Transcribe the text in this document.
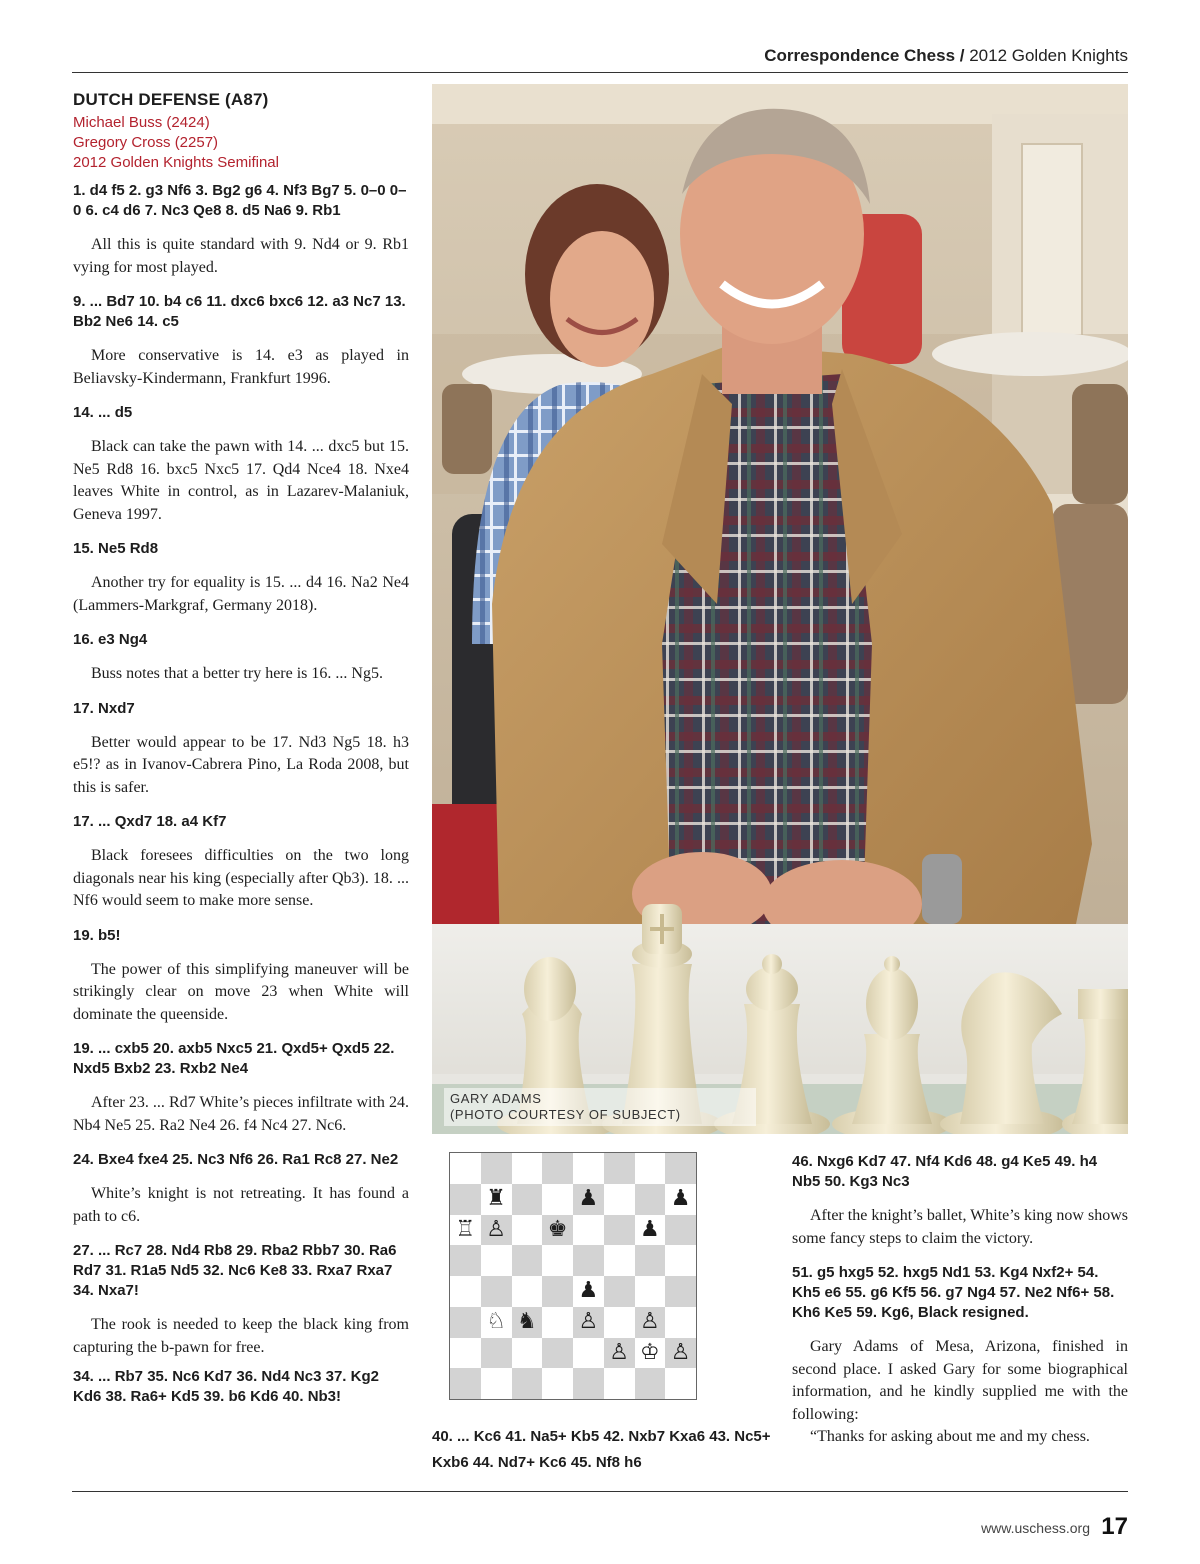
Correspondence Chess / 2012 Golden Knights
DUTCH DEFENSE (A87)
Michael Buss (2424)
Gregory Cross (2257)
2012 Golden Knights Semifinal

1. d4 f5 2. g3 Nf6 3. Bg2 g6 4. Nf3 Bg7 5. 0–0 0–0 6. c4 d6 7. Nc3 Qe8 8. d5 Na6 9. Rb1

All this is quite standard with 9. Nd4 or 9. Rb1 vying for most played.

9. ... Bd7 10. b4 c6 11. dxc6 bxc6 12. a3 Nc7 13. Bb2 Ne6 14. c5

More conservative is 14. e3 as played in Beliavsky-Kindermann, Frankfurt 1996.

14. ... d5

Black can take the pawn with 14. ... dxc5 but 15. Ne5 Rd8 16. bxc5 Nxc5 17. Qd4 Nce4 18. Nxe4 leaves White in control, as in Lazarev-Malaniuk, Geneva 1997.

15. Ne5 Rd8

Another try for equality is 15. ... d4 16. Na2 Ne4 (Lammers-Markgraf, Germany 2018).

16. e3 Ng4

Buss notes that a better try here is 16. ... Ng5.

17. Nxd7

Better would appear to be 17. Nd3 Ng5 18. h3 e5!? as in Ivanov-Cabrera Pino, La Roda 2008, but this is safer.

17. ... Qxd7 18. a4 Kf7

Black foresees difficulties on the two long diagonals near his king (especially after Qb3). 18. ... Nf6 would seem to make more sense.

19. b5!

The power of this simplifying maneuver will be strikingly clear on move 23 when White will dominate the queenside.

19. ... cxb5 20. axb5 Nxc5 21. Qxd5+ Qxd5 22. Nxd5 Bxb2 23. Rxb2 Ne4

After 23. ... Rd7 White’s pieces infiltrate with 24. Nb4 Ne5 25. Ra2 Ne4 26. f4 Nc4 27. Nc6.

24. Bxe4 fxe4 25. Nc3 Nf6 26. Ra1 Rc8 27. Ne2

White’s knight is not retreating. It has found a path to c6.

27. ... Rc7 28. Nd4 Rb8 29. Rba2 Rbb7 30. Ra6 Rd7 31. R1a5 Nd5 32. Nc6 Ke8 33. Rxa7 Rxa7 34. Nxa7!

The rook is needed to keep the black king from capturing the b-pawn for free.

34. ... Rb7 35. Nc6 Kd7 36. Nd4 Nc3 37. Kg2 Kd6 38. Ra6+ Kd5 39. b6 Kd6 40. Nb3!

GARY ADAMS
(PHOTO COURTESY OF SUBJECT)
♜	♟	♟
♖ ♙ ♚	♟
♟
♘ ♞ ♙ ♙
♙ ♔ ♙

40. ... Kc6 41. Na5+ Kb5 42. Nxb7 Kxa6 43. Nc5+ Kxb6 44. Nd7+ Kc6 45. Nf8 h6

46. Nxg6 Kd7 47. Nf4 Kd6 48. g4 Ke5 49. h4 Nb5 50. Kg3 Nc3

After the knight’s ballet, White’s king now shows some fancy steps to claim the victory.

51. g5 hxg5 52. hxg5 Nd1 53. Kg4 Nxf2+ 54. Kh5 e6 55. g6 Kf5 56. g7 Ng4 57. Ne2 Nf6+ 58. Kh6 Ke5 59. Kg6, Black resigned.

Gary Adams of Mesa, Arizona, finished in second place. I asked Gary for some biographical information, and he kindly supplied me with the following:

“Thanks for asking about me and my chess.

www.uschess.org 17
